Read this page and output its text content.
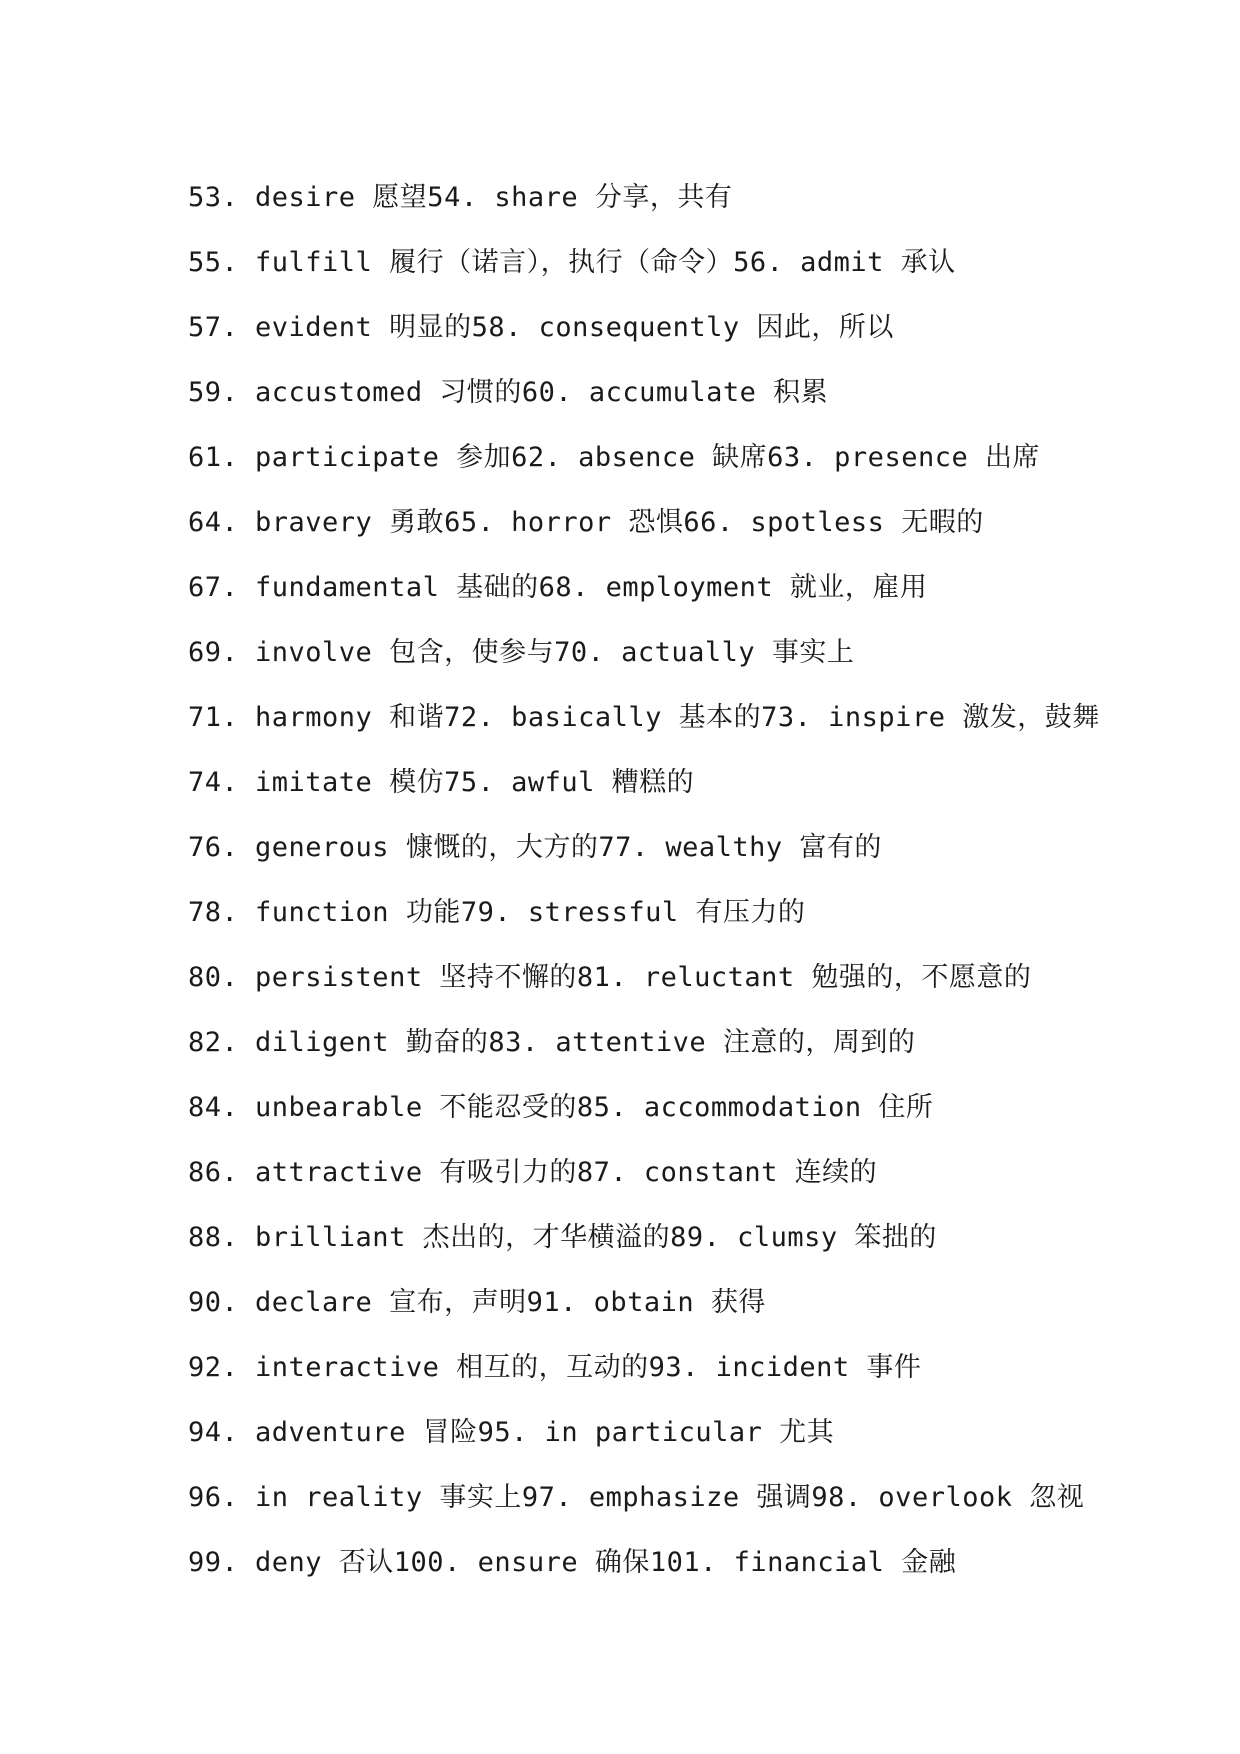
53. desire 愿望54. share 分享，共有
55. fulfill 履行（诺言），执行（命令）56. admit 承认
57. evident 明显的58. consequently 因此，所以
59. accustomed 习惯的60. accumulate 积累
61. participate 参加62. absence 缺席63. presence 出席
64. bravery 勇敢65. horror 恐惧66. spotless 无暇的
67. fundamental 基础的68. employment 就业，雇用
69. involve 包含，使参与70. actually 事实上
71. harmony 和谐72. basically 基本的73. inspire 激发，鼓舞
74. imitate 模仿75. awful 糟糕的
76. generous 慷慨的，大方的77. wealthy 富有的
78. function 功能79. stressful 有压力的
80. persistent 坚持不懈的81. reluctant 勉强的，不愿意的
82. diligent 勤奋的83. attentive 注意的，周到的
84. unbearable 不能忍受的85. accommodation 住所
86. attractive 有吸引力的87. constant 连续的
88. brilliant 杰出的，才华横溢的89. clumsy 笨拙的
90. declare 宣布，声明91. obtain 获得
92. interactive 相互的，互动的93. incident 事件
94. adventure 冒险95. in particular 尤其
96. in reality 事实上97. emphasize 强调98. overlook 忽视
99. deny 否认100. ensure 确保101. financial 金融
